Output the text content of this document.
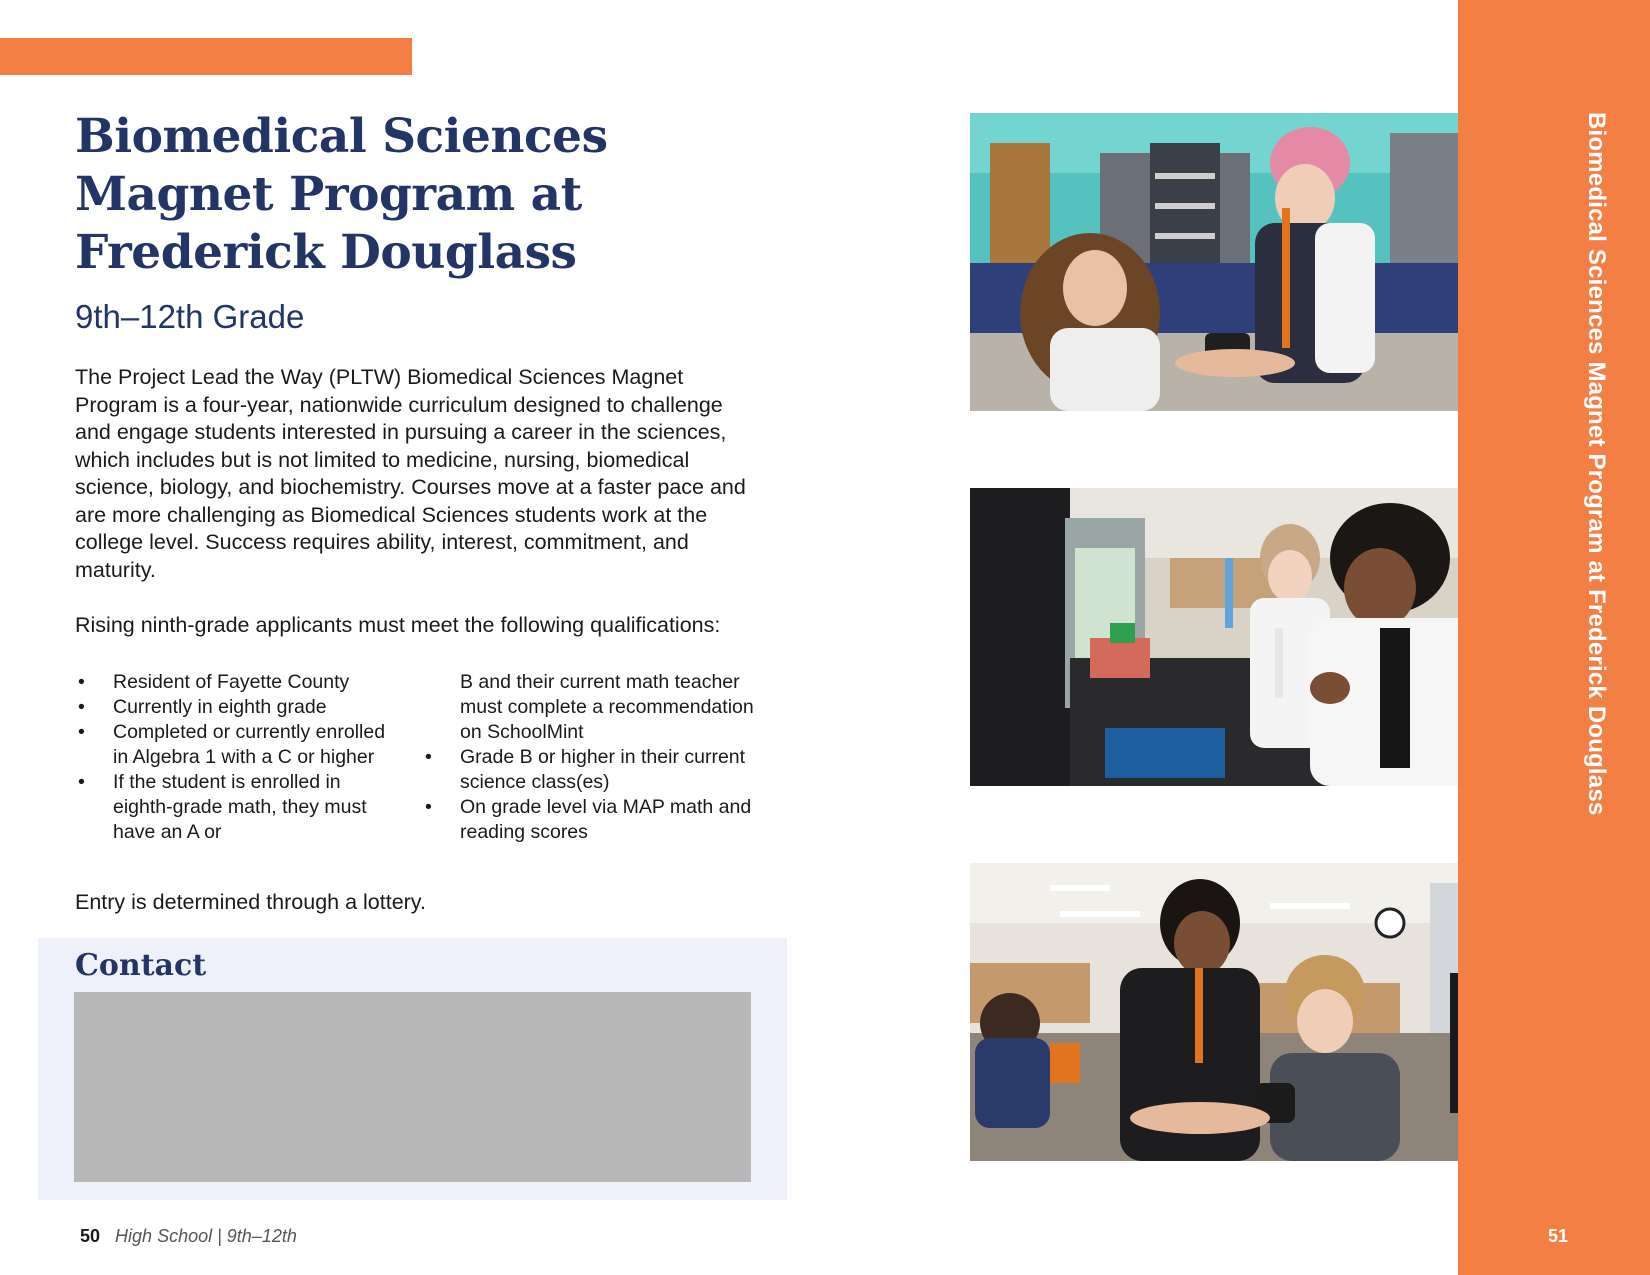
Biomedical Sciences Magnet Program at Frederick Douglass
9th–12th Grade

The Project Lead the Way (PLTW) Biomedical Sciences Magnet Program is a four-year, nationwide curriculum designed to challenge and engage students interested in pursuing a career in the sciences, which includes but is not limited to medicine, nursing, biomedical science, biology, and biochemistry. Courses move at a faster pace and are more challenging as Biomedical Sciences students work at the college level. Success requires ability, interest, commitment, and maturity.

Rising ninth-grade applicants must meet the following qualifications:

• Resident of Fayette County
• Currently in eighth grade
• Completed or currently enrolled in Algebra 1 with a C or higher
• If the student is enrolled in eighth-grade math, they must have an A or
B and their current math teacher must complete a recommendation on SchoolMint
• Grade B or higher in their current science class(es)
• On grade level via MAP math and reading scores

Entry is determined through a lottery.

Contact
50 High School | 9th–12th
Biomedical Sciences Magnet Program at Frederick Douglass
51
